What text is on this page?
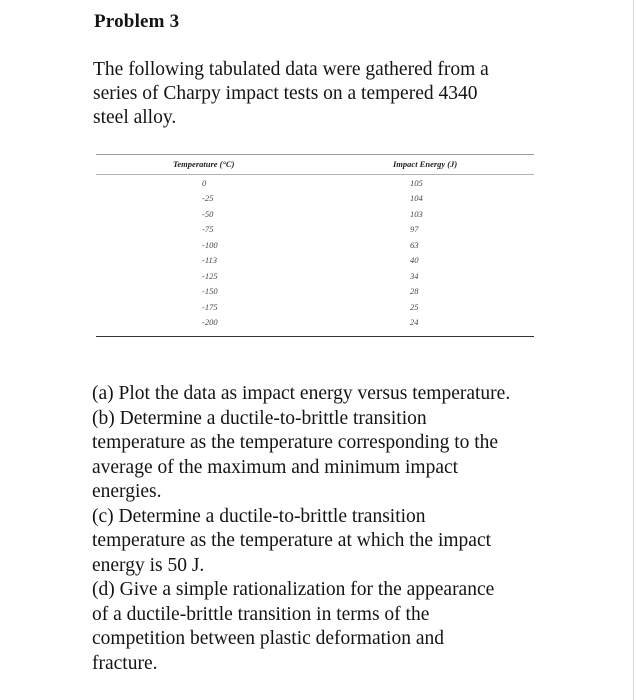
Problem 3
The following tabulated data were gathered from a
series of Charpy impact tests on a tempered 4340
steel alloy.
Temperature (°C)	Impact Energy (J)
0	105
-25	104
-50	103
-75	97
-100	63
-113	40
-125	34
-150	28
-175	25
-200	24
(a) Plot the data as impact energy versus temperature.
(b) Determine a ductile-to-brittle transition
temperature as the temperature corresponding to the
average of the maximum and minimum impact
energies.
(c) Determine a ductile-to-brittle transition
temperature as the temperature at which the impact
energy is 50 J.
(d) Give a simple rationalization for the appearance
of a ductile-brittle transition in terms of the
competition between plastic deformation and
fracture.
